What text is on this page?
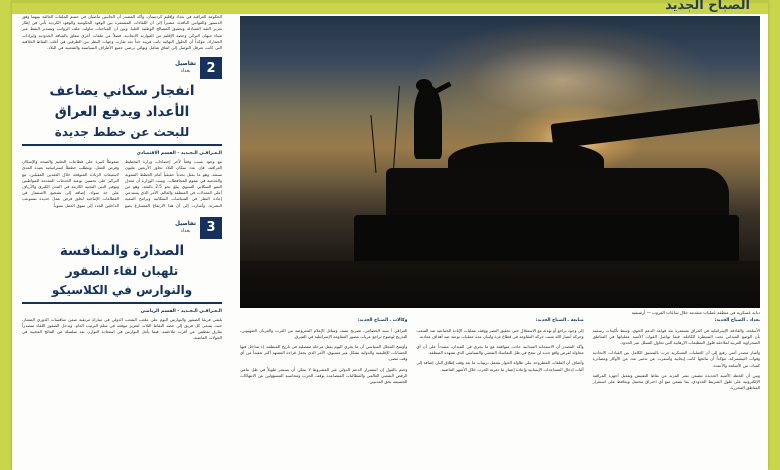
الصباح الجديد

الحكومة العراقية في بغداد وإقليم كردستان. وأكد المصدر أن الجانبين ماضيان في حسم الملفات العالقة بينهما وفق الدستور والقوانين النافذة، مشيراً إلى أن اللقاءات المستمرة بين الوفود الحكومية والوفود الكردية تأتي في إطار تعزيز الثقة المتبادلة وتحقيق المصالح الوطنية العليا. وبين أن المباحثات تناولت ملف الرواتب وتصدير النفط عبر ميناء جيهان التركي وحصة الإقليم من الموازنة الاتحادية، فضلاً عن ملفات أخرى تتعلق بالمنافذ الحدودية وإيرادات الجمارك، مؤكداً أن الحلول النهائية باتت قريبة جداً بعد تقارب وجهات النظر بين الطرفين في أغلب النقاط الخلافية التي كانت تعرقل التوصل إلى اتفاق شامل ونهائي يرضي جميع الأطراف السياسية والشعبية في البلاد.

2
تفاصيل
بغداد
انفجار سكاني يضاعف
الأعداد ويدفع العراق
للبحث عن خطط جديدة
الـعـراقـي الـجـديد - القسم الاقتصادي

مع وجود نسب وفقاً لآخر إحصاءات وزارة التخطيط العراقية، فإن عدد سكان البلاد تجاوز الأربعين مليون نسمة، وهو ما يمثل تحدياً حقيقياً أمام الخطط التنموية والخدمية في عموم المحافظات. وبينت الوزارة أن معدل النمو السكاني السنوي يبلغ نحو 2.5 بالمئة، وهو من أعلى المعدلات في المنطقة والعالم، الأمر الذي يستدعي إعادة النظر في السياسات السكانية وبرامج التنمية البشرية. وأشارت إلى أن هذا الارتفاع المتسارع يضع ضغوطاً كبيرة على قطاعات التعليم والصحة والإسكان وفرص العمل، ويتطلب خططاً استراتيجية بعيدة المدى لاستيعاب الزيادة المتوقعة خلال العقدين المقبلين، مع التركيز على تحسين نوعية الخدمات المقدمة للمواطنين وتوفير البنى التحتية اللازمة في المدن الكبرى والأرياف على حد سواء، إضافة إلى تشجيع الاستثمار في القطاعات الإنتاجية لخلق فرص عمل جديدة تستوعب الداخلين الجدد إلى سوق العمل سنوياً.

3
تفاصيل
بغداد
الصدارة والمنافسة
تلهبان لقاء الصقور
والنوارس في الكلاسيكو
الـعـراقـي الـجـديد - القسم الرياضي

يلتقي فريقا الصقور والنوارس اليوم على ملعب الشعب الدولي في مباراة مرتقبة ضمن منافسات الدوري الممتاز، حيث يسعى كل فريق إلى حصد النقاط الثلاث لتعزيز موقعه في سلم الترتيب العام. ويدخل الصقور اللقاء متصدراً بفارق نقطتين عن أقرب ملاحقيه، فيما يأمل النوارس في استعادة التوازن بعد سلسلة من النتائج المخيبة في الجولات الماضية.

دبابة عسكرية في منطقة عمليات متقدمة خلال ساعات الغروب — أرشيفية

بغداد ـ الصباح الجديد:

الأسلحة، والقاذفة الإسرائيلية في العراق مستمرة بعد قواعد الدعم الجوي، وسط تأكيدات رسمية بأن الوضع الميداني تحت السيطرة الكاملة، فيما تواصل القوات الأمنية عملياتها في المناطق الصحراوية الغربية لملاحقة فلول التنظيمات الإرهابية التي تحاول التسلل عبر الحدود.

وأشار مصدر أمني رفيع إلى أن العمليات العسكرية جرت بالتنسيق الكامل بين القيادات الاتحادية وقوات البيشمركة، مؤكداً أن نتائجها كانت إيجابية وأسفرت عن تدمير عدد من الأوكار ومصادرة كميات من الأسلحة والأعتدة.

وبين أن الخطة الأمنية الجديدة تتضمن نشر المزيد من نقاط التفتيش وتفعيل أجهزة المراقبة الإلكترونية على طول الشريط الحدودي، بما يضمن منع أي اختراق محتمل ويحافظ على استقرار المناطق المحررة.

متابعة ـ الصباح الجديد:

إلى وجود تراجع أو تهدئة مع الاستقلال حتى تحقيق النصر ووقف عمليات الإبادة الجماعية ضد الشعب وحركة أنصار الله شنت حركة المقاومة في قطاع غزة ولبنان عدة عمليات نوعية ضد أهداف معادية.

وأكد المصدر أن الاستجابة الميدانية جاءت متوافقة مع ما يجري في الميدان، مشدداً على أن أي محاولة لفرض واقع جديد لن تنجح في ظل التماسك الشعبي والسياسي الذي تشهده المنطقة.

وأضاف أن الملفات المطروحة على طاولة الحوار تشمل ترتيبات ما بعد وقف إطلاق النار، إضافة إلى آليات إدخال المساعدات الإنسانية وإعادة إعمار ما دمرته الحرب خلال الأشهر الماضية.

وكالات ـ الصباح الجديد:

العراقي / سند الخضامي، تصريح يصف وسائل الإعلام المعروضة من الغرب والعربان الصهيوني، التدريج لوضوح تراجع عربات مصور المقاومة الإسرائيلية في الشرق.

وأوضح المحلل السياسي أن ما يجري اليوم يمثل مرحلة مفصلية في تاريخ المنطقة، إذ تتداخل فيها الحسابات الإقليمية والدولية بشكل غير مسبوق، الأمر الذي يجعل قراءة المشهد أكثر تعقيداً من أي وقت مضى.

وختم بالقول إن استمرار الدعم الدولي غير المشروط لا يمكن أن يستمر طويلاً في ظل تنامي الرفض الشعبي العالمي والمطالبات المتصاعدة بوقف الحرب ومحاسبة المسؤولين عن الانتهاكات الجسيمة بحق المدنيين.
